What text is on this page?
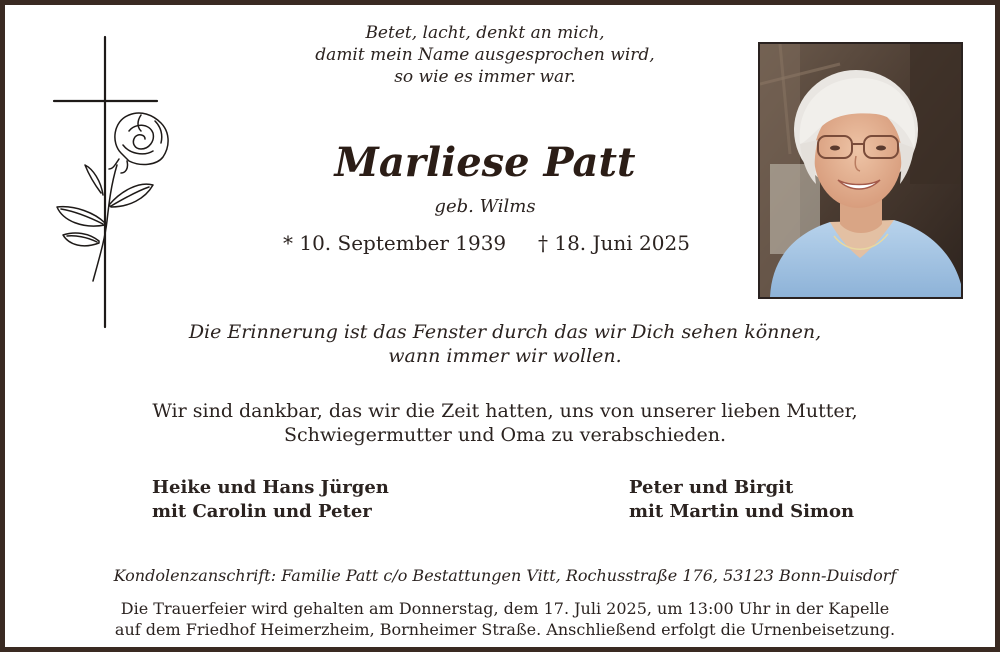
Betet, lacht, denkt an mich,
damit mein Name ausgesprochen wird,
so wie es immer war.
Marliese Patt
geb. Wilms
* 10. September 1939 † 18. Juni 2025
Die Erinnerung ist das Fenster durch das wir Dich sehen können,
wann immer wir wollen.
Wir sind dankbar, das wir die Zeit hatten, uns von unserer lieben Mutter,
Schwiegermutter und Oma zu verabschieden.
Heike und Hans Jürgen
mit Carolin und Peter
Peter und Birgit
mit Martin und Simon
Kondolenzanschrift: Familie Patt c/o Bestattungen Vitt, Rochusstraße 176, 53123 Bonn-Duisdorf
Die Trauerfeier wird gehalten am Donnerstag, dem 17. Juli 2025, um 13:00 Uhr in der Kapelle
auf dem Friedhof Heimerzheim, Bornheimer Straße. Anschließend erfolgt die Urnenbeisetzung.
